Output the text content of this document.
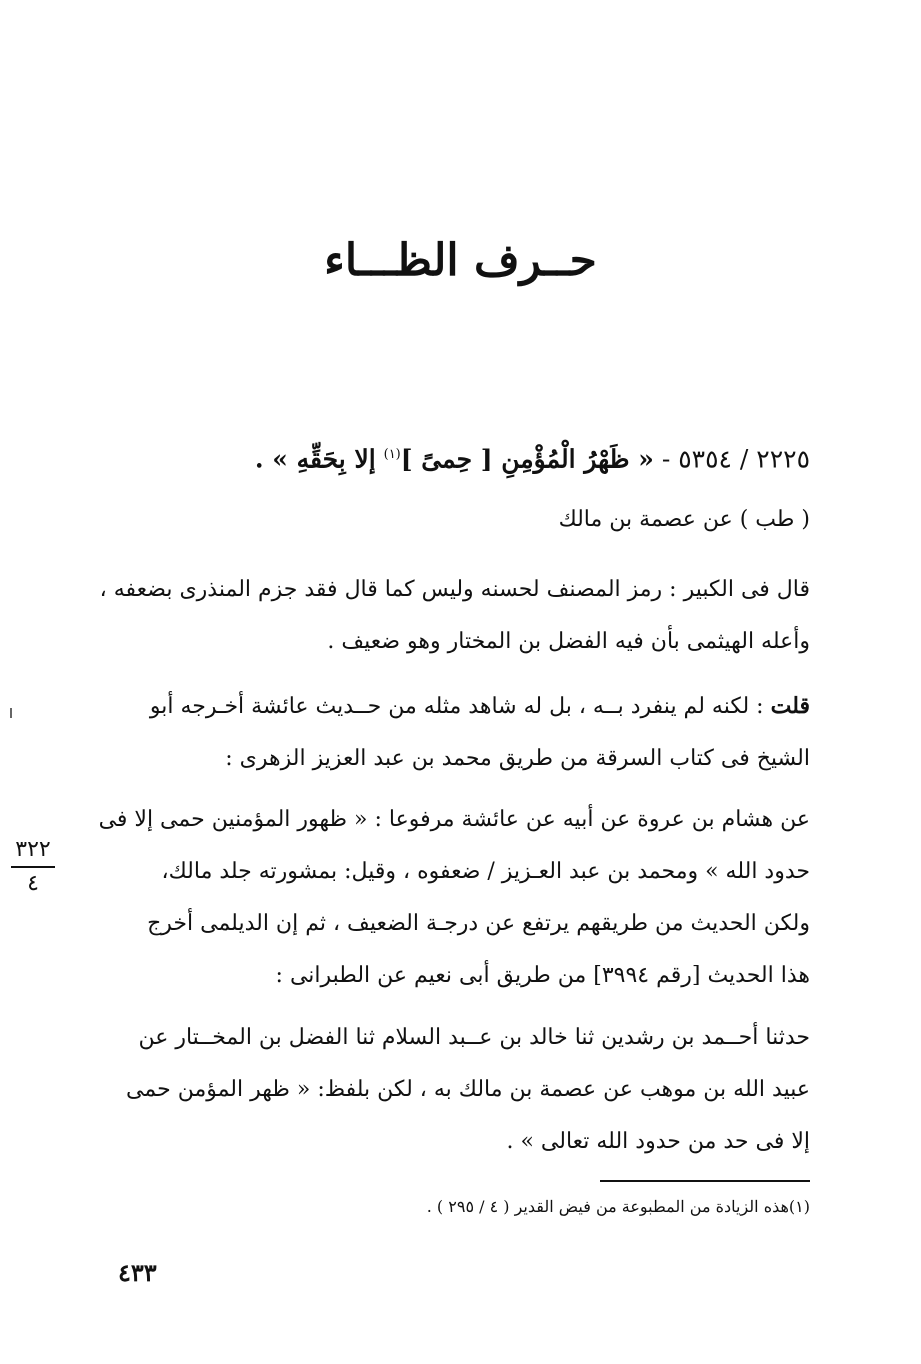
حــرف الظـــاء
٢٢٢٥ / ٥٣٥٤ - « ظَهْرُ الْمُؤْمِنِ [ حِمىً ]$^{(١)}$ إلا بِحَقِّهِ » .

( طب ) عن عصمة بن مالك

قال فى الكبير : رمز المصنف لحسنه وليس كما قال فقد جزم المنذرى بضعفه ،

وأعله الهيثمى بأن فيه الفضل بن المختار وهو ضعيف .

قلت : لكنه لم ينفرد بــه ، بل له شاهد مثله من حــديث عائشة أخـرجه أبو

الشيخ فى كتاب السرقة من طريق محمد بن عبد العزيز الزهرى :

عن هشام بن عروة عن أبيه عن عائشة مرفوعا : « ظهور المؤمنين حمى إلا فى

حدود الله » ومحمد بن عبد العـزيز / ضعفوه ، وقيل: بمشورته جلد مالك،

ولكن الحديث من طريقهم يرتفع عن درجـة الضعيف ، ثم إن الديلمى أخرج

هذا الحديث [رقم ٣٩٩٤] من طريق أبى نعيم عن الطبرانى :

٣٢٢
٤

حدثنا أحــمد بن رشدين ثنا خالد بن عــبد السلام ثنا الفضل بن المخــتار عن

عبيد الله بن موهب عن عصمة بن مالك به ، لكن بلفظ: « ظهر المؤمن حمى

إلا فى حد من حدود الله تعالى » .

(١)هذه الزيادة من المطبوعة من فيض القدير ( ٤ / ٢٩٥ ) .
٤٣٣
